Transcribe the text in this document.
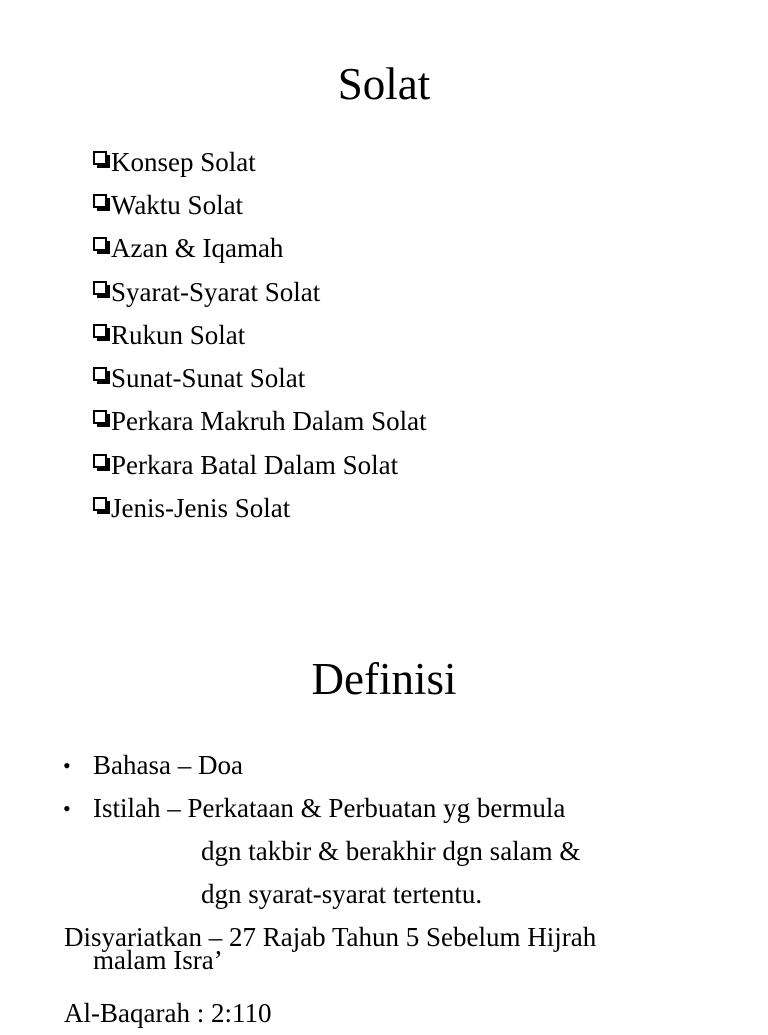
Solat
Konsep Solat
Waktu Solat
Azan & Iqamah
Syarat-Syarat Solat
Rukun Solat
Sunat-Sunat Solat
Perkara Makruh Dalam Solat
Perkara Batal Dalam Solat
Jenis-Jenis Solat
Definisi
• Bahasa – Doa
• Istilah – Perkataan & Perbuatan yg bermula
dgn takbir & berakhir dgn salam &
dgn syarat-syarat tertentu.
Disyariatkan – 27 Rajab Tahun 5 Sebelum Hijrah
malam Isra’
Al-Baqarah : 2:110
